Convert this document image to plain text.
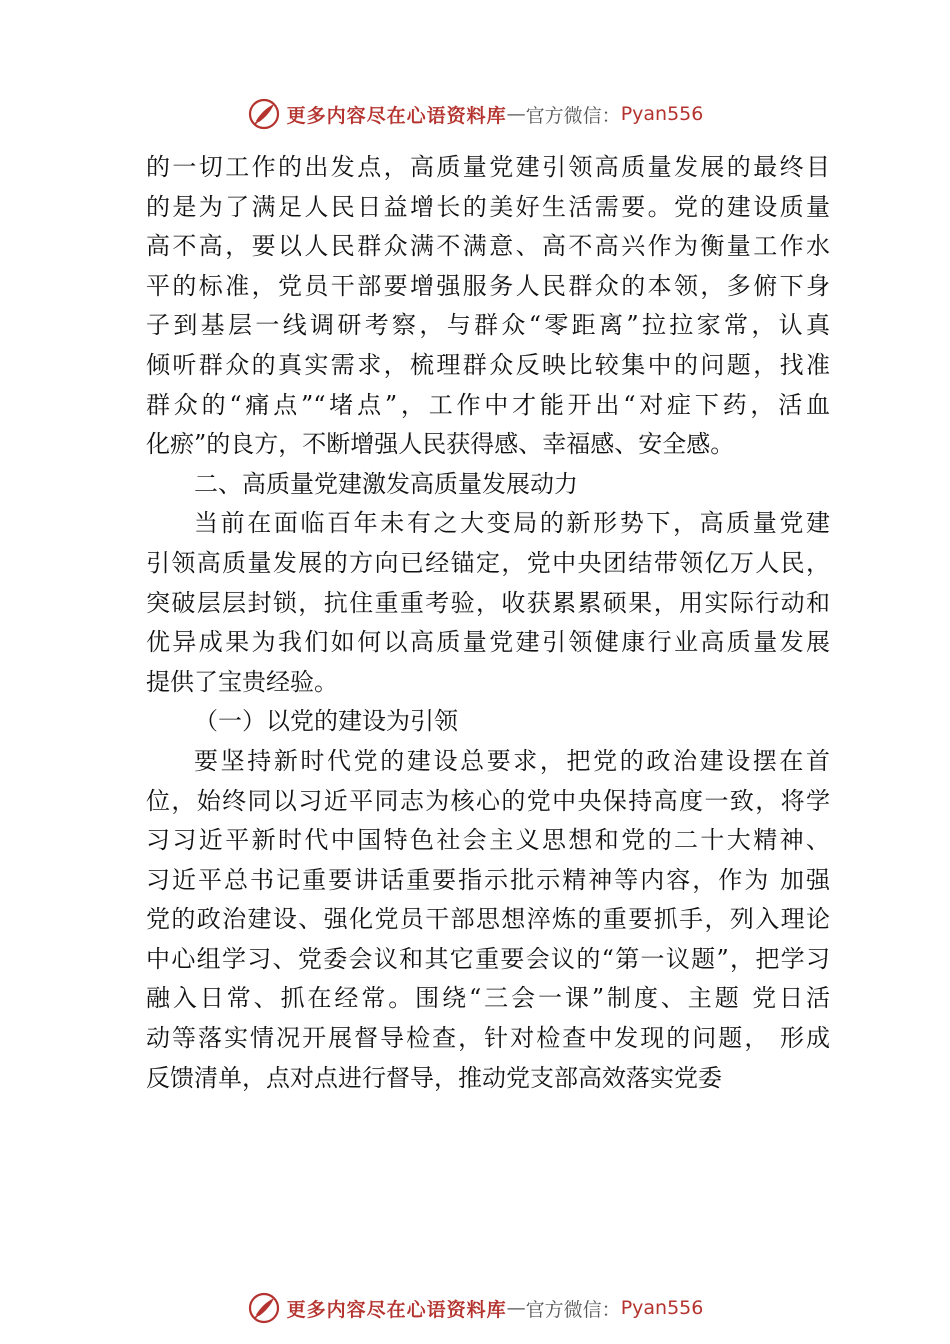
更多内容尽在心语资料库 — 官方微信： Pyan556
的一切工作的出发点，高质量党建引领高质量发展的最终目
的是为了满足人民日益增长的美好生活需要。党的建设质量
高不高，要以人民群众满不满意、高不高兴作为衡量工作水
平的标准，党员干部要增强服务人民群众的本领，多俯下身
子到基层一线调研考察，与群众“零距离”拉拉家常，认真
倾听群众的真实需求，梳理群众反映比较集中的问题，找准
群众的“痛点”“堵点”，工作中才能开出“对症下药，活血
化瘀”的良方，不断增强人民获得感、幸福感、安全感。
二、高质量党建激发高质量发展动力
当前在面临百年未有之大变局的新形势下，高质量党建
引领高质量发展的方向已经锚定，党中央团结带领亿万人民，
突破层层封锁，抗住重重考验，收获累累硕果，用实际行动和
优异成果为我们如何以高质量党建引领健康行业高质量发展
提供了宝贵经验。
（一）以党的建设为引领
要坚持新时代党的建设总要求，把党的政治建设摆在首
位，始终同以习近平同志为核心的党中央保持高度一致，将学
习习近平新时代中国特色社会主义思想和党的二十大精神、
习近平总书记重要讲话重要指示批示精神等内容，作为 加强
党的政治建设、强化党员干部思想淬炼的重要抓手，列入理论
中心组学习、党委会议和其它重要会议的“第一议题”，把学习
融入日常、抓在经常。围绕“三会一课”制度、主题 党日活
动等落实情况开展督导检查，针对检查中发现的问题， 形成
反馈清单，点对点进行督导，推动党支部高效落实党委
更多内容尽在心语资料库 — 官方微信： Pyan556
